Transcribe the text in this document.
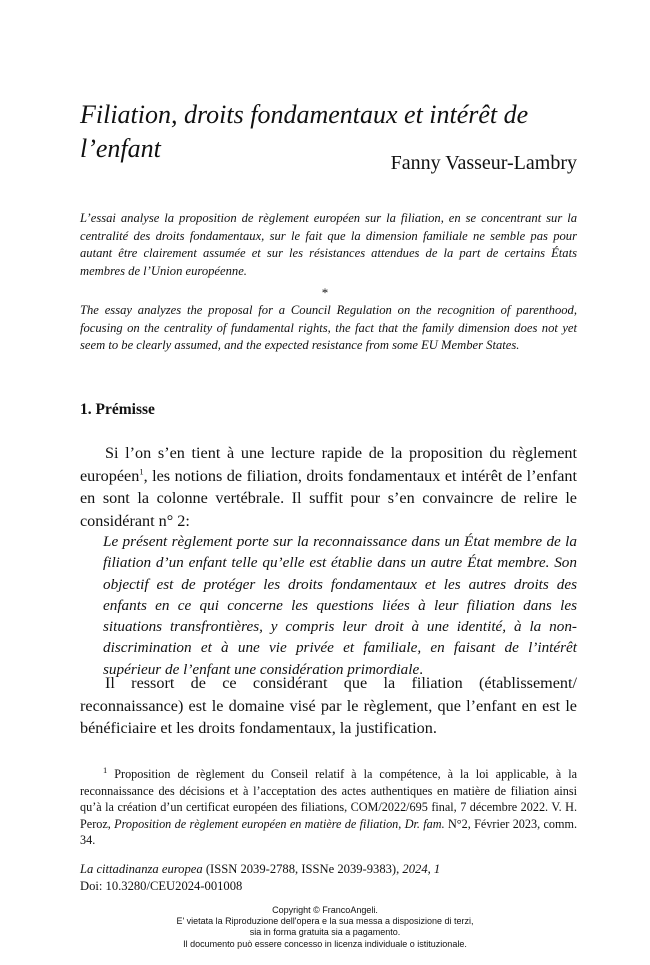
Filiation, droits fondamentaux et intérêt de l’enfant	Fanny Vasseur-Lambry

L’essai analyse la proposition de règlement européen sur la filiation, en se concentrant sur la centralité des droits fondamentaux, sur le fait que la dimension familiale ne semble pas pour autant être clairement assumée et sur les résistances attendues de la part de certains États membres de l’Union européenne.

*

The essay analyzes the proposal for a Council Regulation on the recognition of parenthood, focusing on the centrality of fundamental rights, the fact that the family dimension does not yet seem to be clearly assumed, and the expected resistance from some EU Member States.

1. Prémisse

Si l’on s’en tient à une lecture rapide de la proposition du règlement européen$^1$, les notions de filiation, droits fondamentaux et intérêt de l’enfant en sont la colonne vertébrale. Il suffit pour s’en convaincre de relire le considérant n° 2:

Le présent règlement porte sur la reconnaissance dans un État membre de la filiation d’un enfant telle qu’elle est établie dans un autre État membre. Son objectif est de protéger les droits fondamentaux et les autres droits des enfants en ce qui concerne les questions liées à leur filiation dans les situations transfrontières, y compris leur droit à une identité, à la non-discrimination et à une vie privée et familiale, en faisant de l’intérêt supérieur de l’enfant une considération primordiale.

Il ressort de ce considérant que la filiation (établissement/ reconnaissance) est le domaine visé par le règlement, que l’enfant en est le bénéficiaire et les droits fondamentaux, la justification.

$^1$ Proposition de règlement du Conseil relatif à la compétence, à la loi applicable, à la reconnaissance des décisions et à l’acceptation des actes authentiques en matière de filiation ainsi qu’à la création d’un certificat européen des filiations, COM/2022/695 final, 7 décembre 2022. V. H. Peroz, Proposition de règlement européen en matière de filiation, Dr. fam. N°2, Février 2023, comm. 34.

La cittadinanza europea (ISSN 2039-2788, ISSNe 2039-9383), 2024, 1
Doi: 10.3280/CEU2024-001008
Copyright © FrancoAngeli.
E' vietata la Riproduzione dell'opera e la sua messa a disposizione di terzi,
sia in forma gratuita sia a pagamento.
Il documento può essere concesso in licenza individuale o istituzionale.
